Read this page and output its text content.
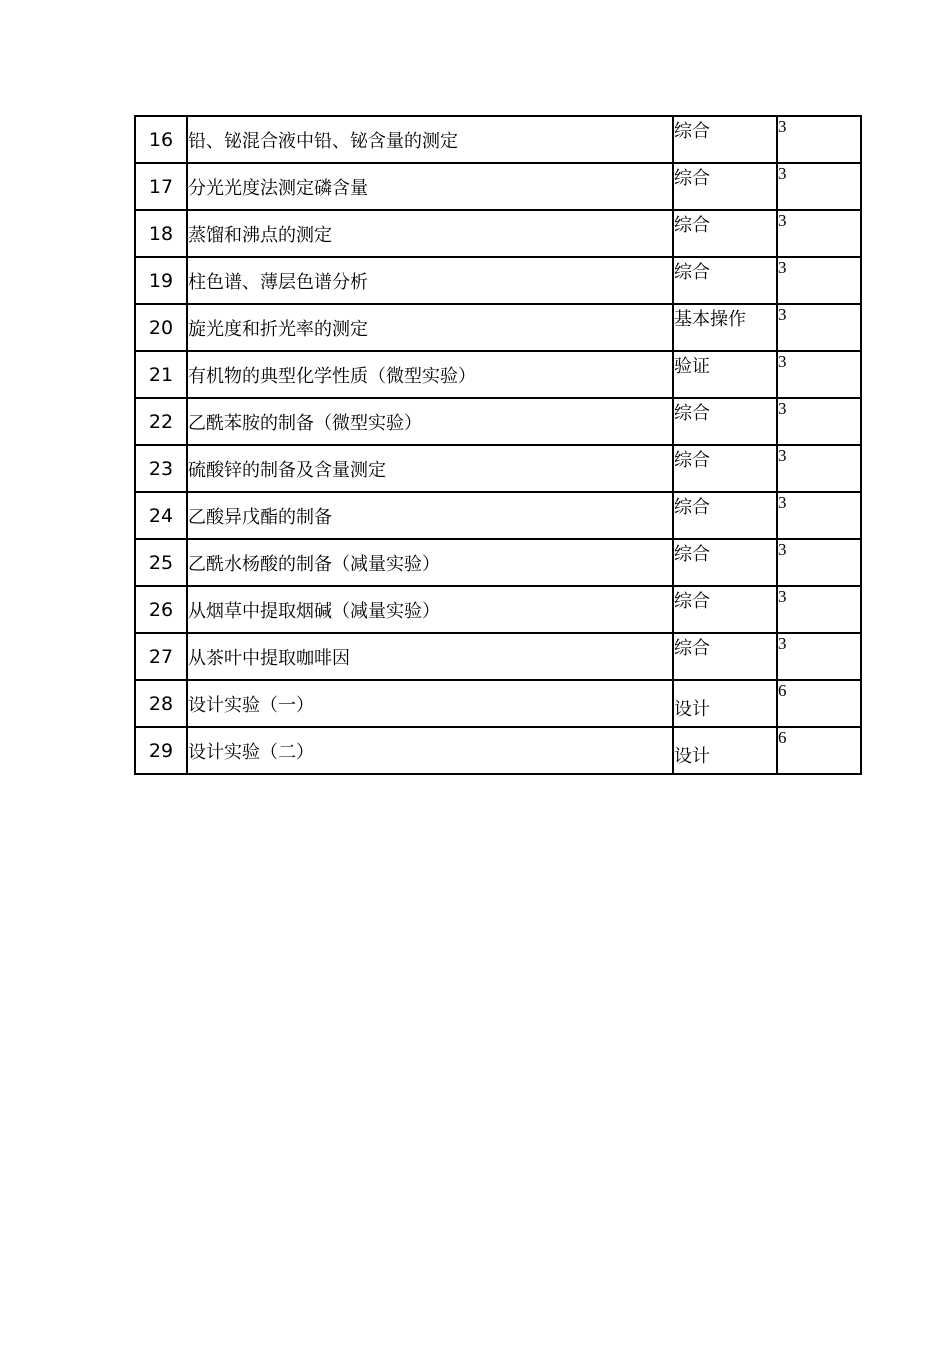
16	铅、铋混合液中铅、铋含量的测定	综合	3
17	分光光度法测定磷含量	综合	3
18	蒸馏和沸点的测定	综合	3
19	柱色谱、薄层色谱分析	综合	3
20	旋光度和折光率的测定	基本操作	3
21	有机物的典型化学性质（微型实验）	验证	3
22	乙酰苯胺的制备（微型实验）	综合	3
23	硫酸锌的制备及含量测定	综合	3
24	乙酸异戊酯的制备	综合	3
25	乙酰水杨酸的制备（减量实验）	综合	3
26	从烟草中提取烟碱（减量实验）	综合	3
27	从茶叶中提取咖啡因	综合	3
28	设计实验（一）	设计	6
29	设计实验（二）	设计	6
